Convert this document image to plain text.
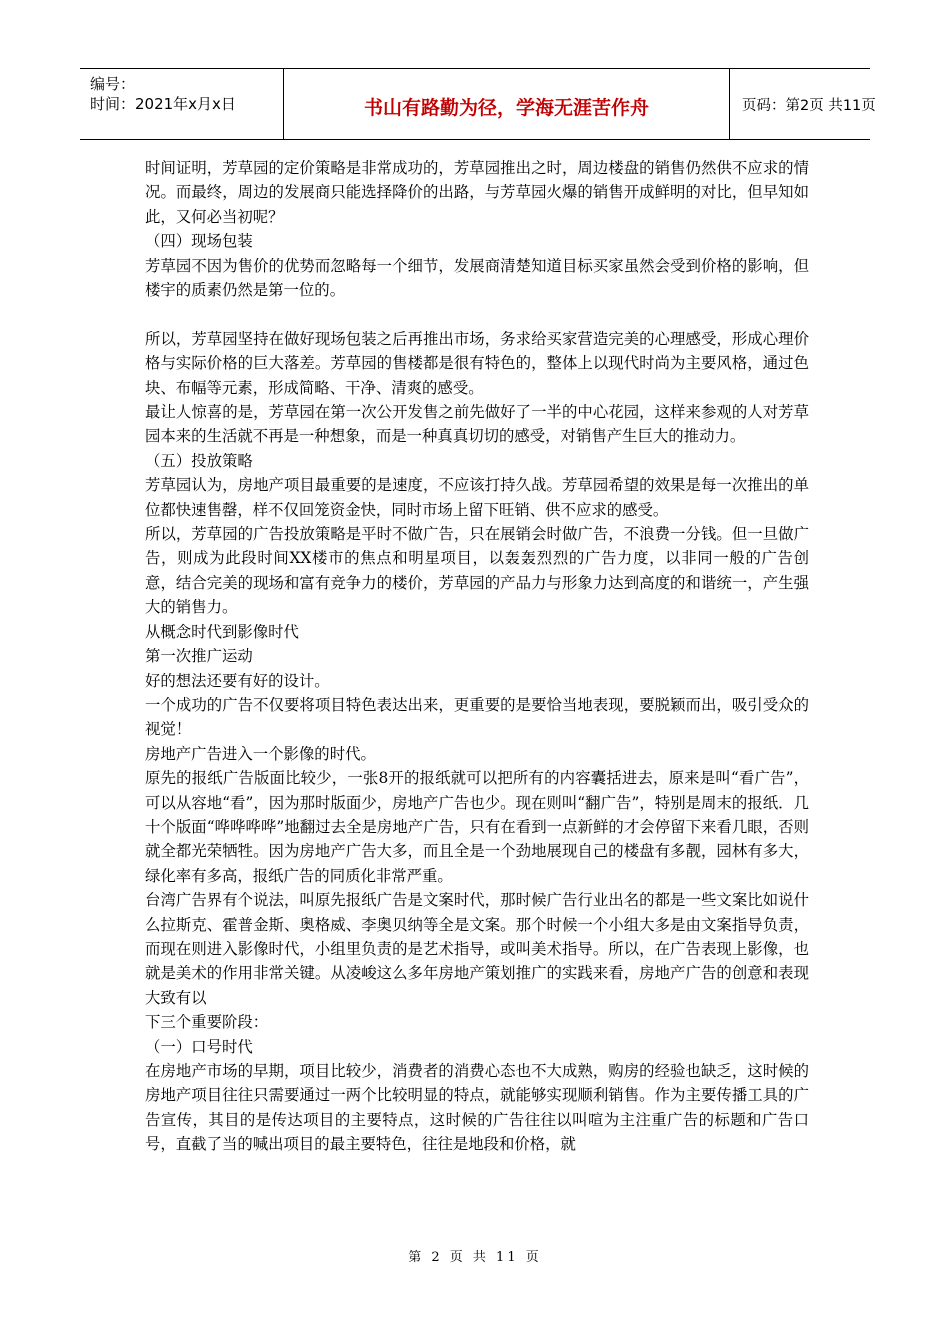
编号：
时间：2021年x月x日	书山有路勤为径，学海无涯苦作舟	页码：第2页 共11页

时间证明，芳草园的定价策略是非常成功的，芳草园推出之时，周边楼盘的销售仍然供不应求的情况。而最终，周边的发展商只能选择降价的出路，与芳草园火爆的销售开成鲜明的对比，但早知如此，又何必当初呢？

（四）现场包装

芳草园不因为售价的优势而忽略每一个细节，发展商清楚知道目标买家虽然会受到价格的影响，但楼宇的质素仍然是第一位的。

所以，芳草园坚持在做好现场包装之后再推出市场，务求给买家营造完美的心理感受，形成心理价格与实际价格的巨大落差。芳草园的售楼都是很有特色的，整体上以现代时尚为主要风格，通过色块、布幅等元素，形成简略、干净、清爽的感受。

最让人惊喜的是，芳草园在第一次公开发售之前先做好了一半的中心花园，这样来参观的人对芳草园本来的生活就不再是一种想象，而是一种真真切切的感受，对销售产生巨大的推动力。

（五）投放策略

芳草园认为，房地产项目最重要的是速度，不应该打持久战。芳草园希望的效果是每一次推出的单位都快速售罄，样不仅回笼资金快，同时市场上留下旺销、供不应求的感受。

所以，芳草园的广告投放策略是平时不做广告，只在展销会时做广告，不浪费一分钱。但一旦做广告，则成为此段时间XX楼市的焦点和明星项目，以轰轰烈烈的广告力度，以非同一般的广告创意，结合完美的现场和富有竞争力的楼价，芳草园的产品力与形象力达到高度的和谐统一，产生强大的销售力。

从概念时代到影像时代

第一次推广运动

好的想法还要有好的设计。

一个成功的广告不仅要将项目特色表达出来，更重要的是要恰当地表现，要脱颖而出，吸引受众的视觉！

房地产广告进入一个影像的时代。

原先的报纸广告版面比较少，一张8开的报纸就可以把所有的内容囊括进去，原来是叫“看广告”，可以从容地“看”，因为那时版面少，房地产广告也少。现在则叫“翻广告”，特别是周末的报纸．几十个版面“哗哗哗哗”地翻过去全是房地产广告，只有在看到一点新鲜的才会停留下来看几眼，否则就全都光荣牺牲。因为房地产广告大多，而且全是一个劲地展现自己的楼盘有多靓，园林有多大，绿化率有多高，报纸广告的同质化非常严重。

台湾广告界有个说法，叫原先报纸广告是文案时代，那时候广告行业出名的都是一些文案比如说什么拉斯克、霍普金斯、奥格威、李奥贝纳等全是文案。那个时候一个小组大多是由文案指导负责，而现在则进入影像时代，小组里负责的是艺术指导，或叫美术指导。所以，在广告表现上影像，也就是美术的作用非常关键。从凌峻这么多年房地产策划推广的实践来看，房地产广告的创意和表现大致有以

下三个重要阶段：

（一）口号时代

在房地产市场的早期，项目比较少，消费者的消费心态也不大成熟，购房的经验也缺乏，这时候的房地产项目往往只需要通过一两个比较明显的特点，就能够实现顺利销售。作为主要传播工具的广告宣传，其目的是传达项目的主要特点，这时候的广告往往以叫喧为主注重广告的标题和广告口号，直截了当的喊出项目的最主要特色，往往是地段和价格，就

第 2 页 共 11 页
